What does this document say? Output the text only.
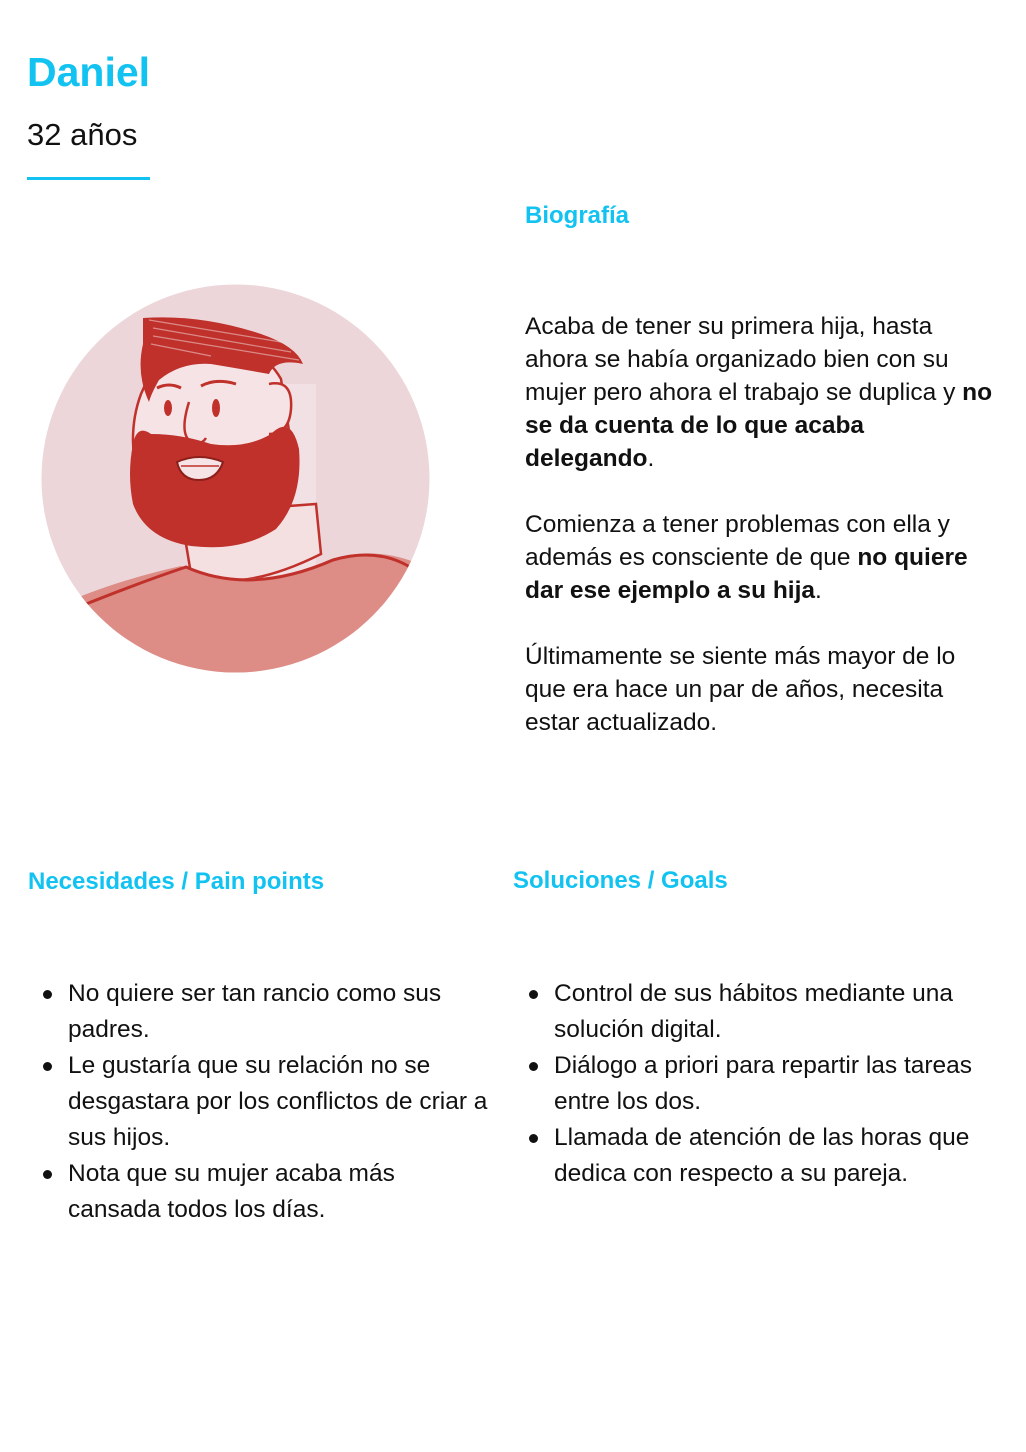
Daniel
32 años
Biografía

Acaba de tener su primera hija, hasta ahora se había organizado bien con su mujer pero ahora el trabajo se duplica y no se da cuenta de lo que acaba delegando.

Comienza a tener problemas con ella y además es consciente de que no quiere dar ese ejemplo a su hija.

Últimamente se siente más mayor de lo que era hace un par de años, necesita estar actualizado.

Necesidades / Pain points	Soluciones / Goals
No quiere ser tan rancio como sus padres.
Le gustaría que su relación no se desgastara por los conflictos de criar a sus hijos.
Nota que su mujer acaba más cansada todos los días.
Control de sus hábitos mediante una solución digital.
Diálogo a priori para repartir las tareas entre los dos.
Llamada de atención de las horas que dedica con respecto a su pareja.
